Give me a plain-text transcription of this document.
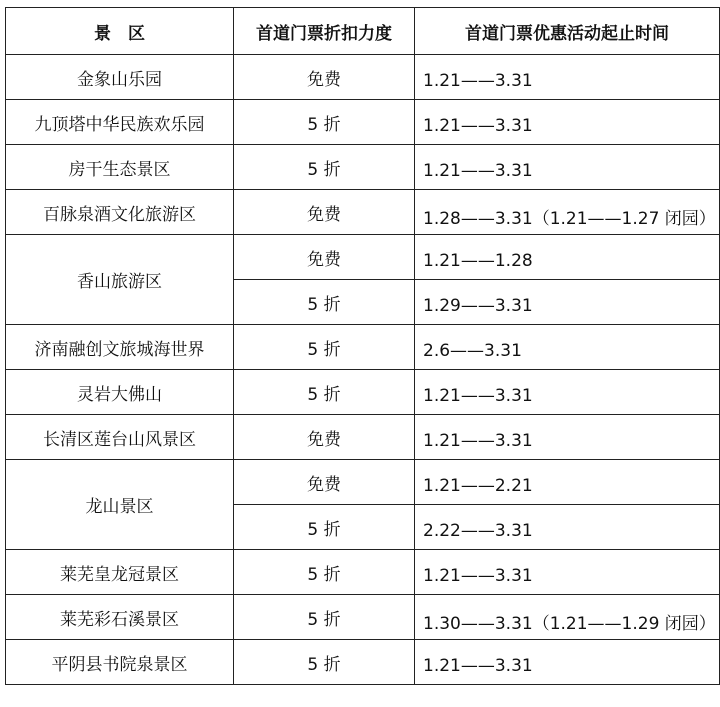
景　区	首道门票折扣力度	首道门票优惠活动起止时间
金象山乐园	免费	1.21——3.31
九顶塔中华民族欢乐园	5 折	1.21——3.31
房干生态景区	5 折	1.21——3.31
百脉泉酒文化旅游区	免费	1.28——3.31（1.21——1.27 闭园）
香山旅游区	免费	1.21——1.28
	5 折	1.29——3.31
济南融创文旅城海世界	5 折	2.6——3.31
灵岩大佛山	5 折	1.21——3.31
长清区莲台山风景区	免费	1.21——3.31
龙山景区	免费	1.21——2.21
	5 折	2.22——3.31
莱芜皇龙冠景区	5 折	1.21——3.31
莱芜彩石溪景区	5 折	1.30——3.31（1.21——1.29 闭园）
平阴县书院泉景区	5 折	1.21——3.31
